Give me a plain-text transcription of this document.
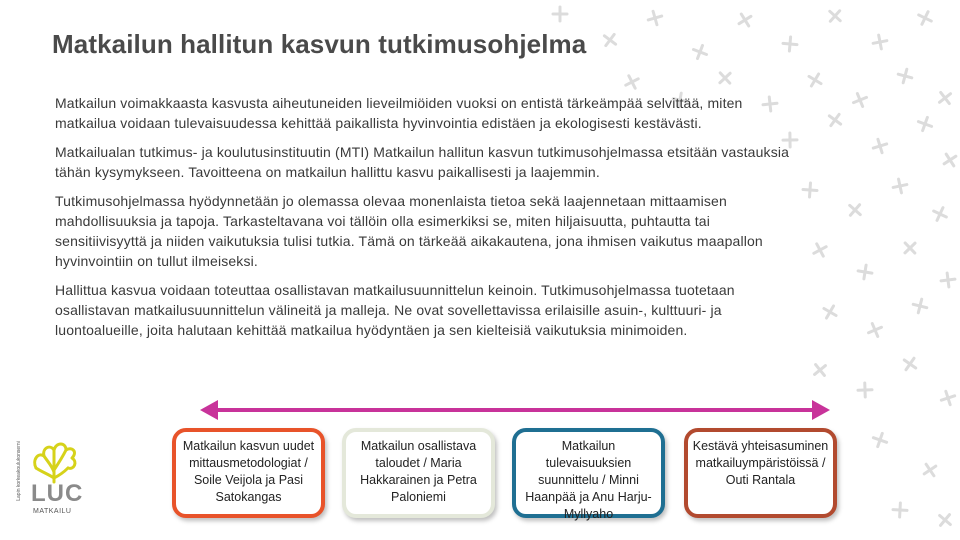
Matkailun hallitun kasvun tutkimusohjelma

Matkailun voimakkaasta kasvusta aiheutuneiden lieveilmiöiden vuoksi on entistä tärkeämpää selvittää, miten matkailua voidaan tulevaisuudessa kehittää paikallista hyvinvointia edistäen ja ekologisesti kestävästi.

Matkailualan tutkimus- ja koulutusinstituutin (MTI) Matkailun hallitun kasvun tutkimusohjelmassa etsitään vastauksia tähän kysymykseen. Tavoitteena on matkailun hallittu kasvu paikallisesti ja laajemmin.

Tutkimusohjelmassa hyödynnetään jo olemassa olevaa monenlaista tietoa sekä laajennetaan mittaamisen mahdollisuuksia ja tapoja. Tarkasteltavana voi tällöin olla esimerkiksi se, miten hiljaisuutta, puhtautta tai sensitiivisyyttä ja niiden vaikutuksia tulisi tutkia. Tämä on tärkeää aikakautena, jona ihmisen vaikutus maapallon hyvinvointiin on tullut ilmeiseksi.

Hallittua kasvua voidaan toteuttaa osallistavan matkailusuunnittelun keinoin. Tutkimusohjelmassa tuotetaan osallistavan matkailusuunnittelun välineitä ja malleja. Ne ovat sovellettavissa erilaisille asuin-, kulttuuri- ja luontoalueille, joita halutaan kehittää matkailua hyödyntäen ja sen kielteisiä vaikutuksia minimoiden.

Matkailun kasvun uudet mittausmetodologiat / Soile Veijola ja Pasi Satokangas
Matkailun osallistava taloudet / Maria Hakkarainen ja Petra Paloniemi
Matkailun tulevaisuuksien suunnittelu / Minni Haanpää ja Anu Harju-Myllyaho
Kestävä yhteisasuminen matkailuympäristöissä / Outi Rantala
Lapin korkeakoulukonserni LUC
MATKAILU
